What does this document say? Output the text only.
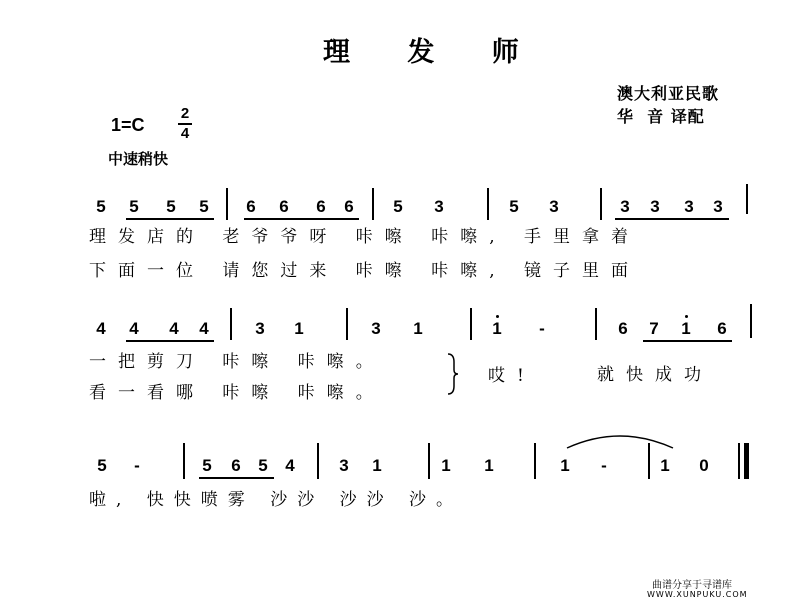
理 发 师
澳大利亚民歌
华  音 译配
1=C
2
4
中速稍快
理发店的 老爷爷呀 咔嚓 咔嚓, 手里拿着
下面一位 请您过来 咔嚓 咔嚓, 镜子里面
5 5 5 5 6 6 6 6 5 3	5 3	3 3 3 3
一把剪刀 咔嚓 咔嚓。
看一看哪 咔嚓 咔嚓。
哎!	就快成功
4 4 4 4	3 1	3 1	1	-	6 7 1 6
啦, 快快喷雾 沙沙 沙沙 沙。
5	-	5 6 5 4	3 1	1 1	1	-	1 0
曲谱分享于寻谱库
WWW.XUNPUKU.COM
